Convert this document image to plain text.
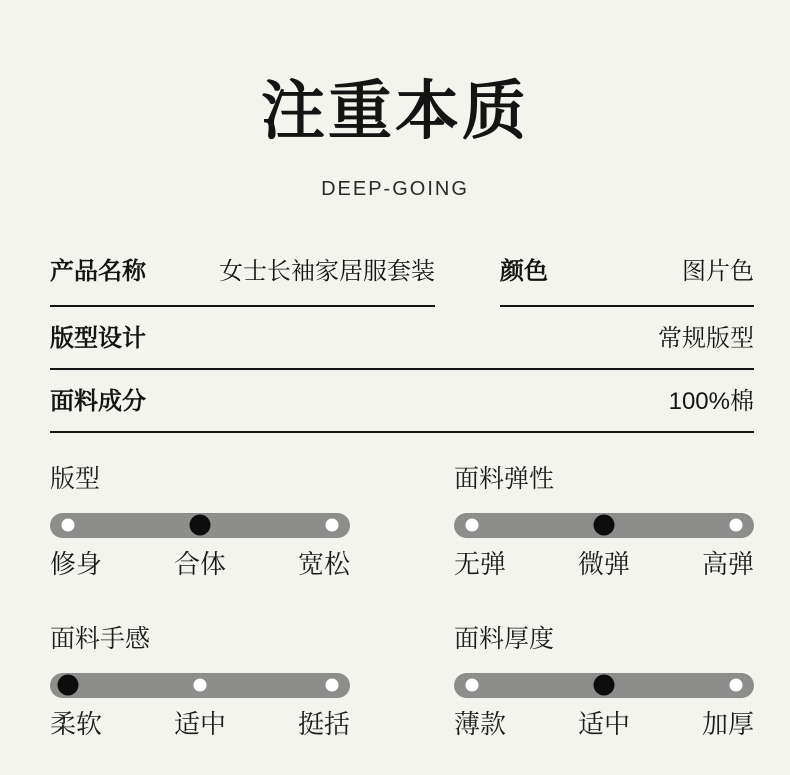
注重本质
DEEP-GOING
产品名称	女士长袖家居服套装	颜色	图片色
版型设计	常规版型
面料成分	100%棉
版型
修身	合体	宽松
面料弹性
无弹	微弹	高弹
面料手感
柔软	适中	挺括
面料厚度
薄款	适中	加厚
